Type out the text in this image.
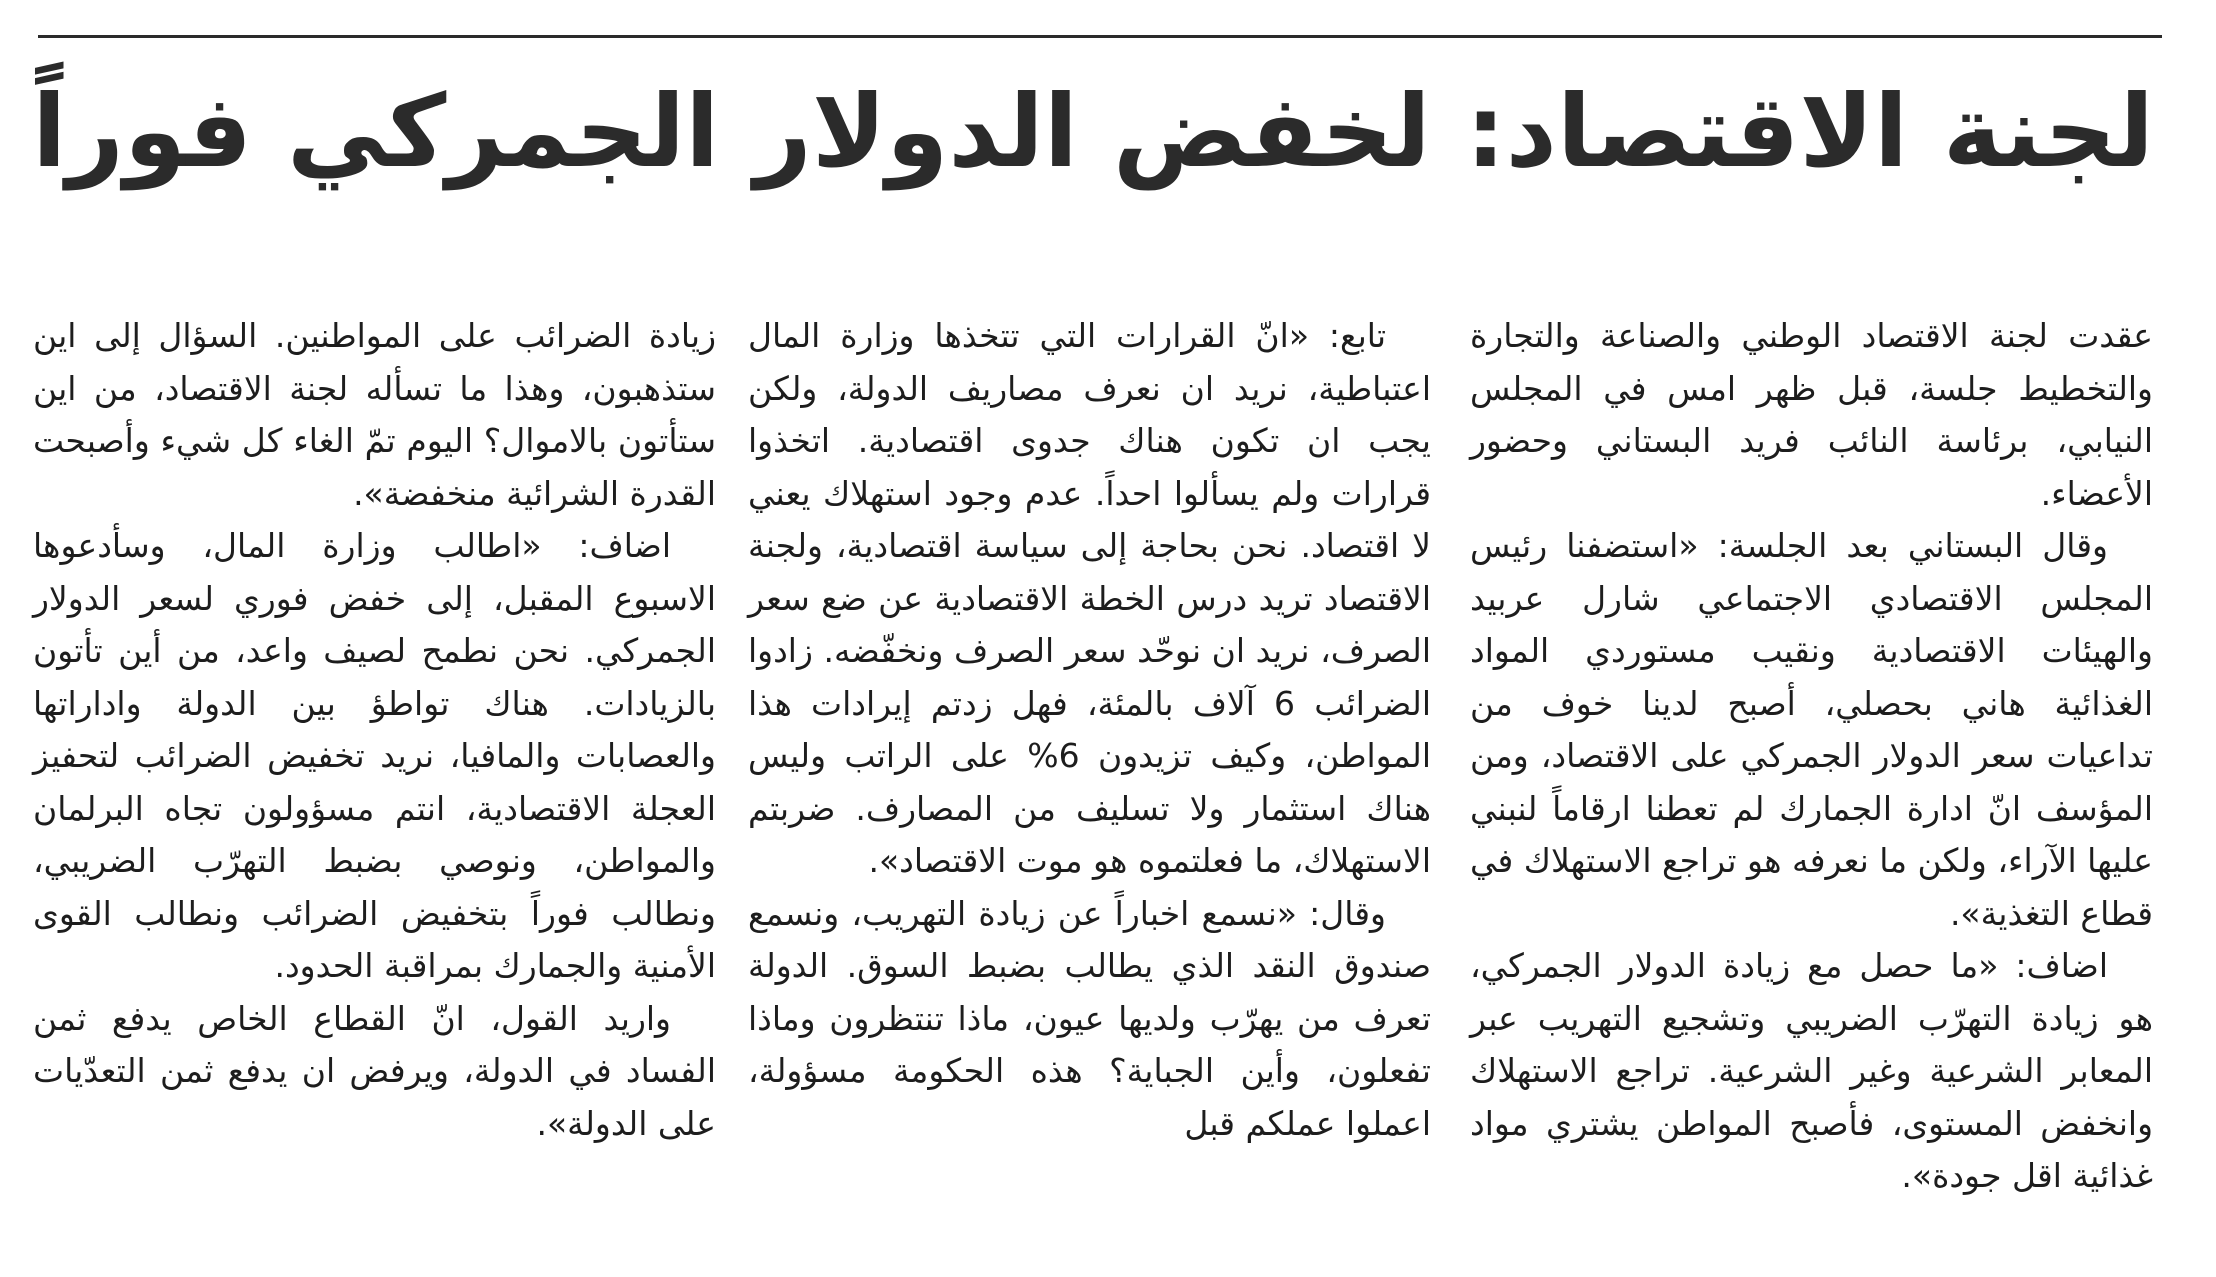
لجنة الاقتصاد: لخفض الدولار الجمركي فوراً

عقدت لجنة الاقتصاد الوطني والصناعة والتجارة والتخطيط جلسة، قبل ظهر امس في المجلس النيابي، برئاسة النائب فريد البستاني وحضور الأعضاء.

وقال البستاني بعد الجلسة: «استضفنا رئيس المجلس الاقتصادي الاجتماعي شارل عربيد والهيئات الاقتصادية ونقيب مستوردي المواد الغذائية هاني بحصلي، أصبح لدينا خوف من تداعيات سعر الدولار الجمركي على الاقتصاد، ومن المؤسف انّ ادارة الجمارك لم تعطنا ارقاماً لنبني عليها الآراء، ولكن ما نعرفه هو تراجع الاستهلاك في قطاع التغذية».

اضاف: «ما حصل مع زيادة الدولار الجمركي، هو زيادة التهرّب الضريبي وتشجيع التهريب عبر المعابر الشرعية وغير الشرعية. تراجع الاستهلاك وانخفض المستوى، فأصبح المواطن يشتري مواد غذائية اقل جودة».

تابع: «انّ القرارات التي تتخذها وزارة المال اعتباطية، نريد ان نعرف مصاريف الدولة، ولكن يجب ان تكون هناك جدوى اقتصادية. اتخذوا قرارات ولم يسألوا احداً. عدم وجود استهلاك يعني لا اقتصاد. نحن بحاجة إلى سياسة اقتصادية، ولجنة الاقتصاد تريد درس الخطة الاقتصادية عن ضع سعر الصرف، نريد ان نوحّد سعر الصرف ونخفّضه. زادوا الضرائب 6 آلاف بالمئة، فهل زدتم إيرادات هذا المواطن، وكيف تزيدون 6% على الراتب وليس هناك استثمار ولا تسليف من المصارف. ضربتم الاستهلاك، ما فعلتموه هو موت الاقتصاد».

وقال: «نسمع اخباراً عن زيادة التهريب، ونسمع صندوق النقد الذي يطالب بضبط السوق. الدولة تعرف من يهرّب ولديها عيون، ماذا تنتظرون وماذا تفعلون، وأين الجباية؟ هذه الحكومة مسؤولة، اعملوا عملكم قبل

زيادة الضرائب على المواطنين. السؤال إلى اين ستذهبون، وهذا ما تسأله لجنة الاقتصاد، من اين ستأتون بالاموال؟ اليوم تمّ الغاء كل شيء وأصبحت القدرة الشرائية منخفضة».

اضاف: «اطالب وزارة المال، وسأدعوها الاسبوع المقبل، إلى خفض فوري لسعر الدولار الجمركي. نحن نطمح لصيف واعد، من أين تأتون بالزيادات. هناك تواطؤ بين الدولة واداراتها والعصابات والمافيا، نريد تخفيض الضرائب لتحفيز العجلة الاقتصادية، انتم مسؤولون تجاه البرلمان والمواطن، ونوصي بضبط التهرّب الضريبي، ونطالب فوراً بتخفيض الضرائب ونطالب القوى الأمنية والجمارك بمراقبة الحدود.

واريد القول، انّ القطاع الخاص يدفع ثمن الفساد في الدولة، ويرفض ان يدفع ثمن التعدّيات على الدولة».
